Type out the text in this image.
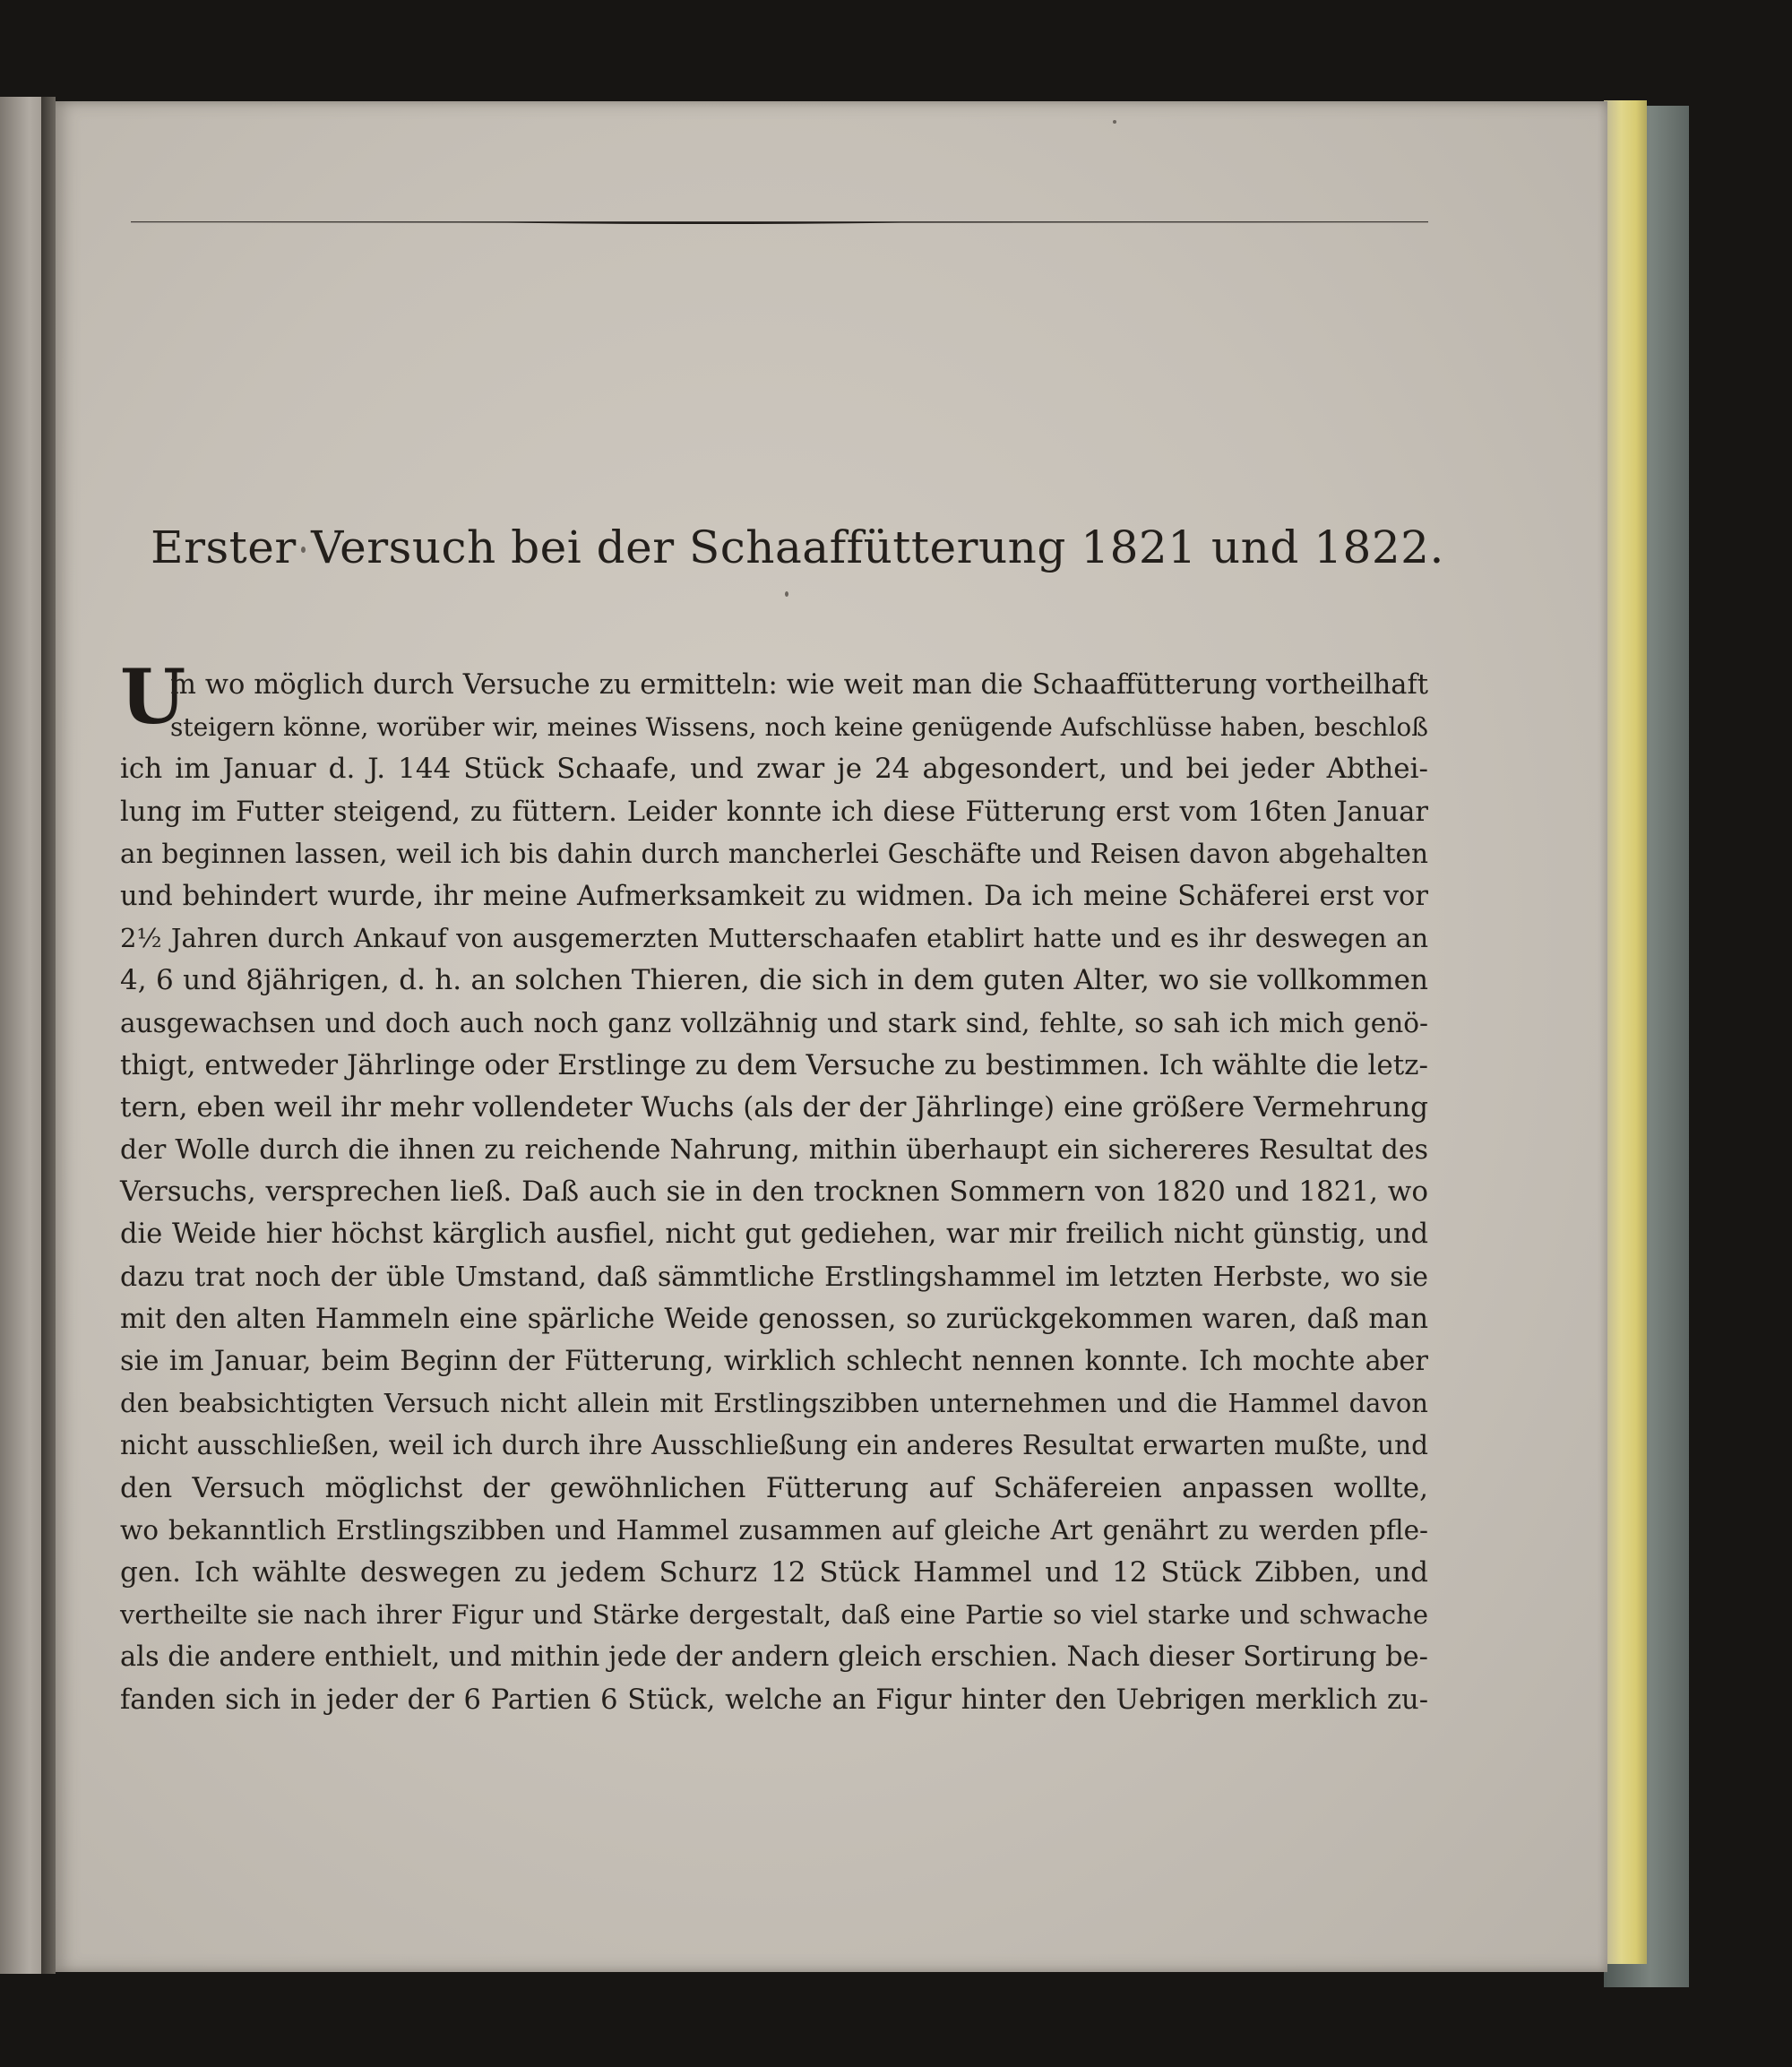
Erster Versuch bei der Schaaffütterung 1821 und 1822.
U
m wo möglich durch Versuche zu ermitteln: wie weit man die Schaaffütterung vortheilhaft
steigern könne, worüber wir, meines Wissens, noch keine genügende Aufschlüsse haben, beschloß
ich im Januar d. J. 144 Stück Schaafe, und zwar je 24 abgesondert, und bei jeder Abthei-
lung im Futter steigend, zu füttern. Leider konnte ich diese Fütterung erst vom 16ten Januar
an beginnen lassen, weil ich bis dahin durch mancherlei Geschäfte und Reisen davon abgehalten
und behindert wurde, ihr meine Aufmerksamkeit zu widmen. Da ich meine Schäferei erst vor
2½ Jahren durch Ankauf von ausgemerzten Mutterschaafen etablirt hatte und es ihr deswegen an
4, 6 und 8jährigen, d. h. an solchen Thieren, die sich in dem guten Alter, wo sie vollkommen
ausgewachsen und doch auch noch ganz vollzähnig und stark sind, fehlte, so sah ich mich genö-
thigt, entweder Jährlinge oder Erstlinge zu dem Versuche zu bestimmen. Ich wählte die letz-
tern, eben weil ihr mehr vollendeter Wuchs (als der der Jährlinge) eine größere Vermehrung
der Wolle durch die ihnen zu reichende Nahrung, mithin überhaupt ein sichereres Resultat des
Versuchs, versprechen ließ. Daß auch sie in den trocknen Sommern von 1820 und 1821, wo
die Weide hier höchst kärglich ausfiel, nicht gut gediehen, war mir freilich nicht günstig, und
dazu trat noch der üble Umstand, daß sämmtliche Erstlingshammel im letzten Herbste, wo sie
mit den alten Hammeln eine spärliche Weide genossen, so zurückgekommen waren, daß man
sie im Januar, beim Beginn der Fütterung, wirklich schlecht nennen konnte. Ich mochte aber
den beabsichtigten Versuch nicht allein mit Erstlingszibben unternehmen und die Hammel davon
nicht ausschließen, weil ich durch ihre Ausschließung ein anderes Resultat erwarten mußte, und
den Versuch möglichst der gewöhnlichen Fütterung auf Schäfereien anpassen wollte,
wo bekanntlich Erstlingszibben und Hammel zusammen auf gleiche Art genährt zu werden pfle-
gen. Ich wählte deswegen zu jedem Schurz 12 Stück Hammel und 12 Stück Zibben, und
vertheilte sie nach ihrer Figur und Stärke dergestalt, daß eine Partie so viel starke und schwache
als die andere enthielt, und mithin jede der andern gleich erschien. Nach dieser Sortirung be-
fanden sich in jeder der 6 Partien 6 Stück, welche an Figur hinter den Uebrigen merklich zu-
